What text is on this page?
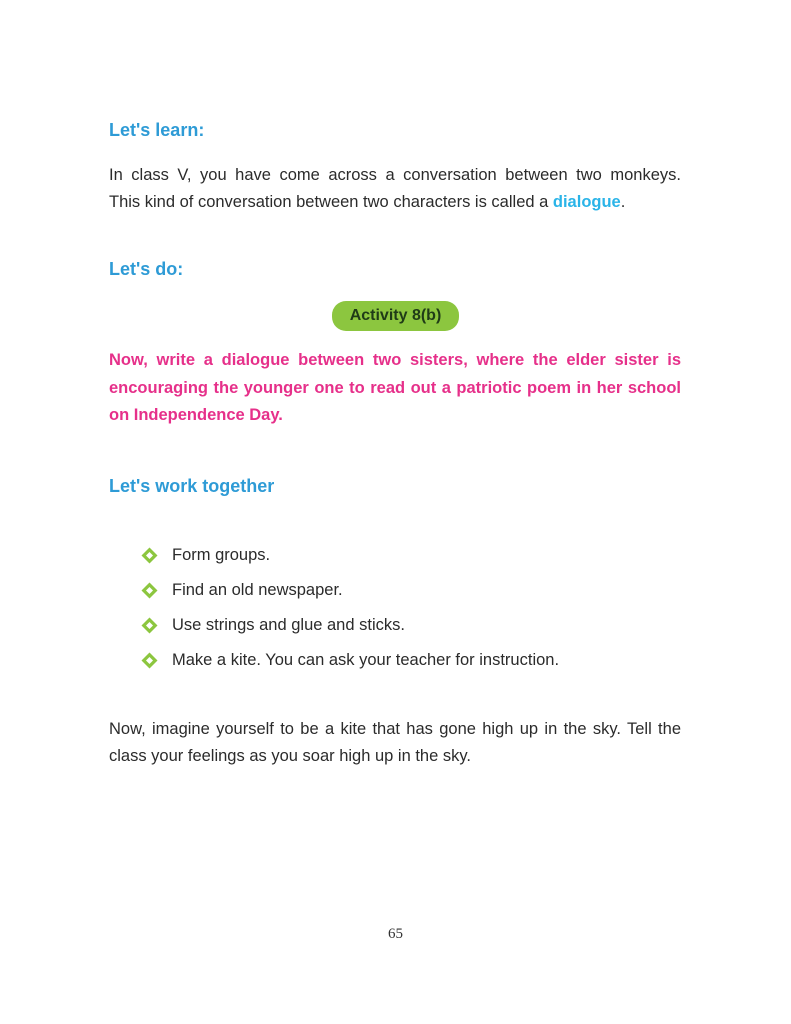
Let's learn:
In class V, you have come across a conversation between two monkeys.
This kind of conversation between two characters is called a dialogue.
Let's do:
Activity 8(b)
Now, write a dialogue between two sisters, where the elder sister is
encouraging the younger one to read out a patriotic poem in her school
on Independence Day.
Let's work together
Form groups.
Find an old newspaper.
Use strings and glue and sticks.
Make a kite. You can ask your teacher for instruction.
Now, imagine yourself to be a kite that has gone high up in the sky. Tell the
class your feelings as you soar high up in the sky.
65
